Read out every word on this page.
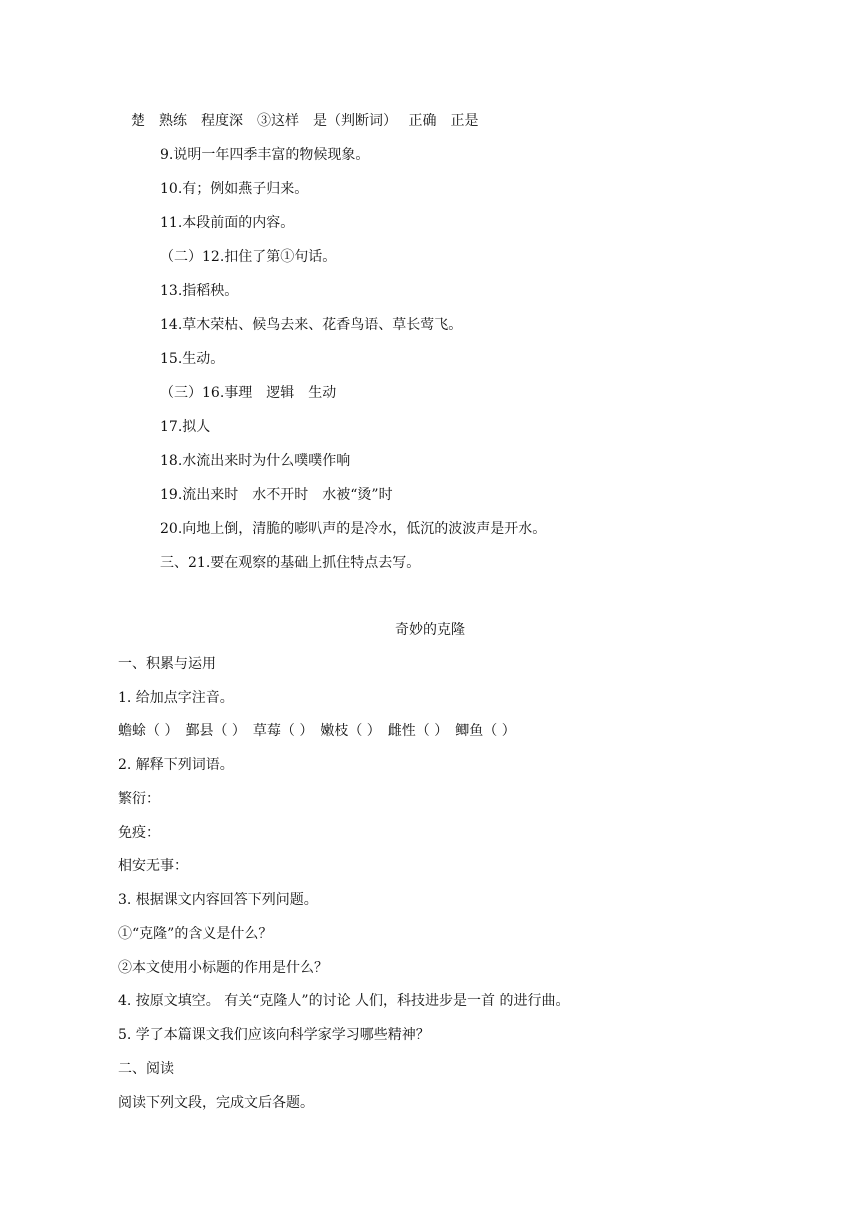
楚　熟练　程度深　③这样　是（判断词）　 正确　正是
9.说明一年四季丰富的物候现象。
10.有；例如燕子归来。
11.本段前面的内容。
（二）12.扣住了第①句话。
13.指稻秧。
14.草木荣枯、候鸟去来、花香鸟语、草长莺飞。
15.生动。
（三）16.事理　逻辑　生动
17.拟人
18.水流出来时为什么噗噗作响
19.流出来时　水不开时　水被“烫”时
20.向地上倒，清脆的嘭叭声的是冷水，低沉的波波声是开水。
三、21.要在观察的基础上抓住特点去写。
奇妙的克隆
一、积累与运用
1. 给加点字注音。
蟾蜍（ ）　鄞县（ ）　草莓（ ）　嫩枝（ ）　雌性（ ）　鲫鱼（ ）
2. 解释下列词语。
繁衍：
免疫：
相安无事：
3. 根据课文内容回答下列问题。
①“克隆”的含义是什么？
②本文使用小标题的作用是什么？
4. 按原文填空。 有关“克隆人”的讨论 人们，科技进步是一首 的进行曲。
5. 学了本篇课文我们应该向科学家学习哪些精神？
二、阅读
阅读下列文段，完成文后各题。
